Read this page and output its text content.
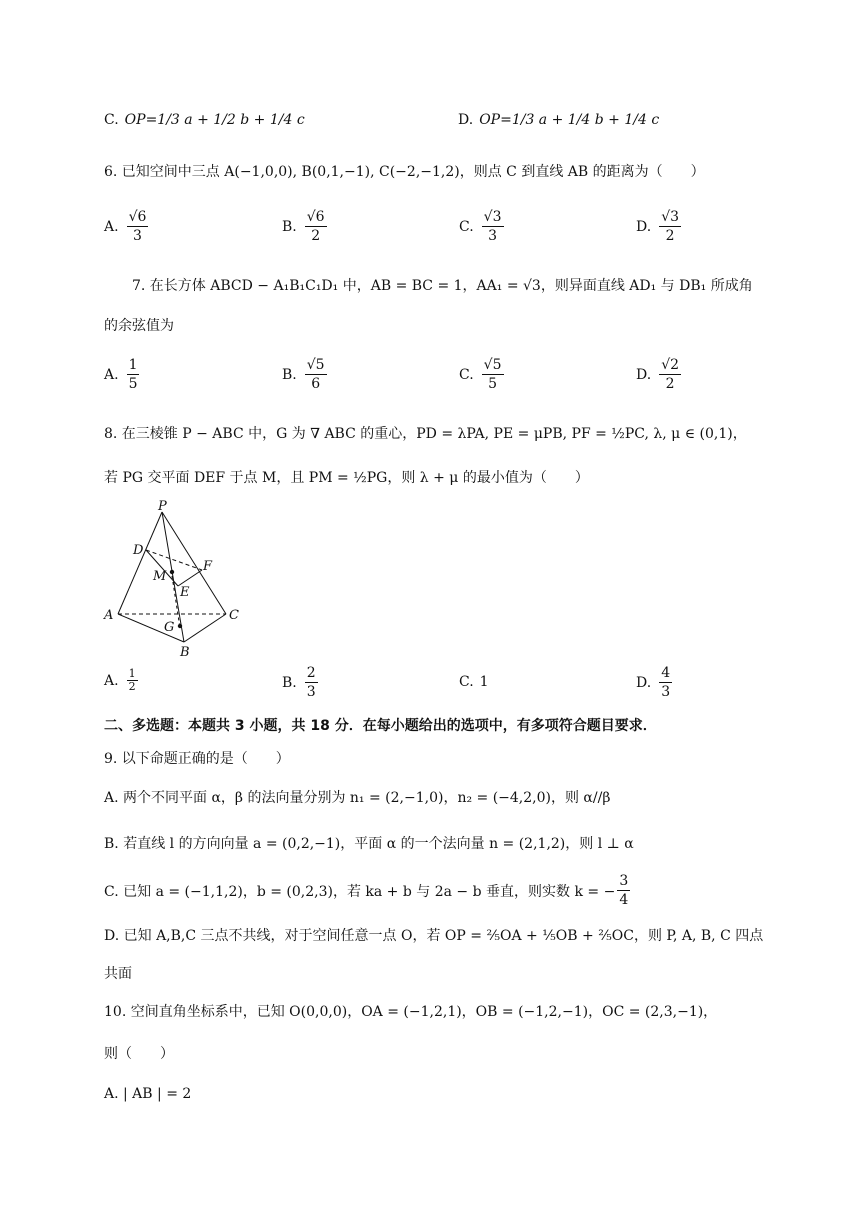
C. OP=1/3 a + 1/2 b + 1/4 c	D. OP=1/3 a + 1/4 b + 1/4 c
6. 已知空间中三点 A(−1,0,0), B(0,1,−1), C(−2,−1,2)，则点 C 到直线 AB 的距离为（　　）
A. $\frac{√6}{3}$	B. $\frac{√6}{2}$	C. $\frac{√3}{3}$	D. $\frac{√3}{2}$
7. 在长方体 ABCD − A₁B₁C₁D₁ 中，AB = BC = 1，AA₁ = √3，则异面直线 AD₁ 与 DB₁ 所成角
的余弦值为
A. $\frac{1}{5}$	B. $\frac{√5}{6}$	C. $\frac{√5}{5}$	D. $\frac{√2}{2}$
8. 在三棱锥 P − ABC 中，G 为 ∇ ABC 的重心，PD = λPA, PE = μPB, PF = ½PC, λ, μ ∈ (0,1)，
若 PG 交平面 DEF 于点 M，且 PM = ½PG，则 λ + μ 的最小值为（　　）
P
D
M
F
E
A	C
G
B
A. $\frac{1}{2}$	B. $\frac{2}{3}$	C. 1	D. $\frac{4}{3}$
二、多选题：本题共 3 小题，共 18 分．在每小题给出的选项中，有多项符合题目要求．
9. 以下命题正确的是（　　）
A. 两个不同平面 α，β 的法向量分别为 n₁ = (2,−1,0)，n₂ = (−4,2,0)，则 α//β
B. 若直线 l 的方向向量 a = (0,2,−1)，平面 α 的一个法向量 n = (2,1,2)，则 l ⊥ α
C. 已知 a = (−1,1,2)，b = (0,2,3)，若 ka + b 与 2a − b 垂直，则实数 k = − $\frac{3}{4}$
D. 已知 A,B,C 三点不共线，对于空间任意一点 O，若 OP = ⅖OA + ⅕OB + ⅖OC，则 P, A, B, C 四点
共面
10. 空间直角坐标系中，已知 O(0,0,0)，OA = (−1,2,1)，OB = (−1,2,−1)，OC = (2,3,−1)，
则（　　）
A. | AB | = 2
